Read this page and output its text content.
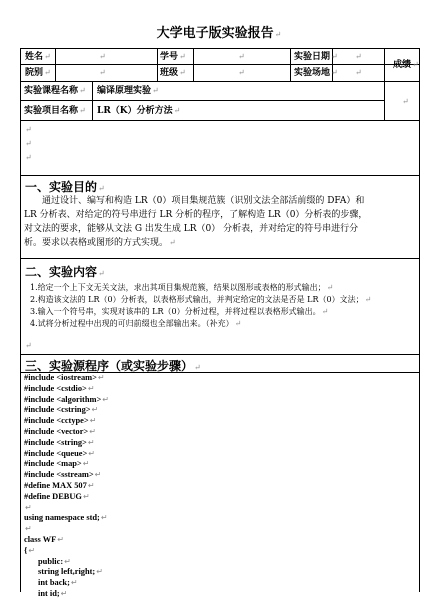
大学电子版实验报告↵
姓名↵	↵	学号↵	↵	实验日期↵ ↵
成绩↵
院别↵	↵	班级↵	↵	实验场地↵ ↵
实验课程名称↵ 编译原理实验↵
实验项目名称↵ LR（K）分析方法↵
↵
↵
↵
↵
一、实验目的↵
通过设计、编写和构造 LR（0）项目集规范簇（识别文法全部活前缀的 DFA）和
LR 分析表、对给定的符号串进行 LR 分析的程序，了解构造 LR（0）分析表的步骤，
对文法的要求，能够从文法 G 出发生成 LR（0） 分析表，并对给定的符号串进行分
析。要求以表格或图形的方式实现。↵
二、实验内容↵
1.给定一个上下文无关文法，求出其项目集规范簇，结果以图形或表格的形式输出；↵
2.构造该文法的 LR（0）分析表，以表格形式输出，并判定给定的文法是否是 LR（0）文法；↵
3.输入一个符号串，实现对该串的 LR（0）分析过程，并将过程以表格形式输出。↵
4.试将分析过程中出现的可归前缀也全部输出来。（补充）↵
↵
三、实验源程序（或实验步骤）↵
#include <iostream>↵
#include <cstdio>↵
#include <algorithm>↵
#include <cstring>↵
#include <cctype>↵
#include <vector>↵
#include <string>↵
#include <queue>↵
#include <map>↵
#include <sstream>↵
#define MAX 507↵
#define DEBUG↵
↵
using namespace std;↵
↵
class WF↵
{↵
public:↵
string left,right;↵
int back;↵
int id;↵
